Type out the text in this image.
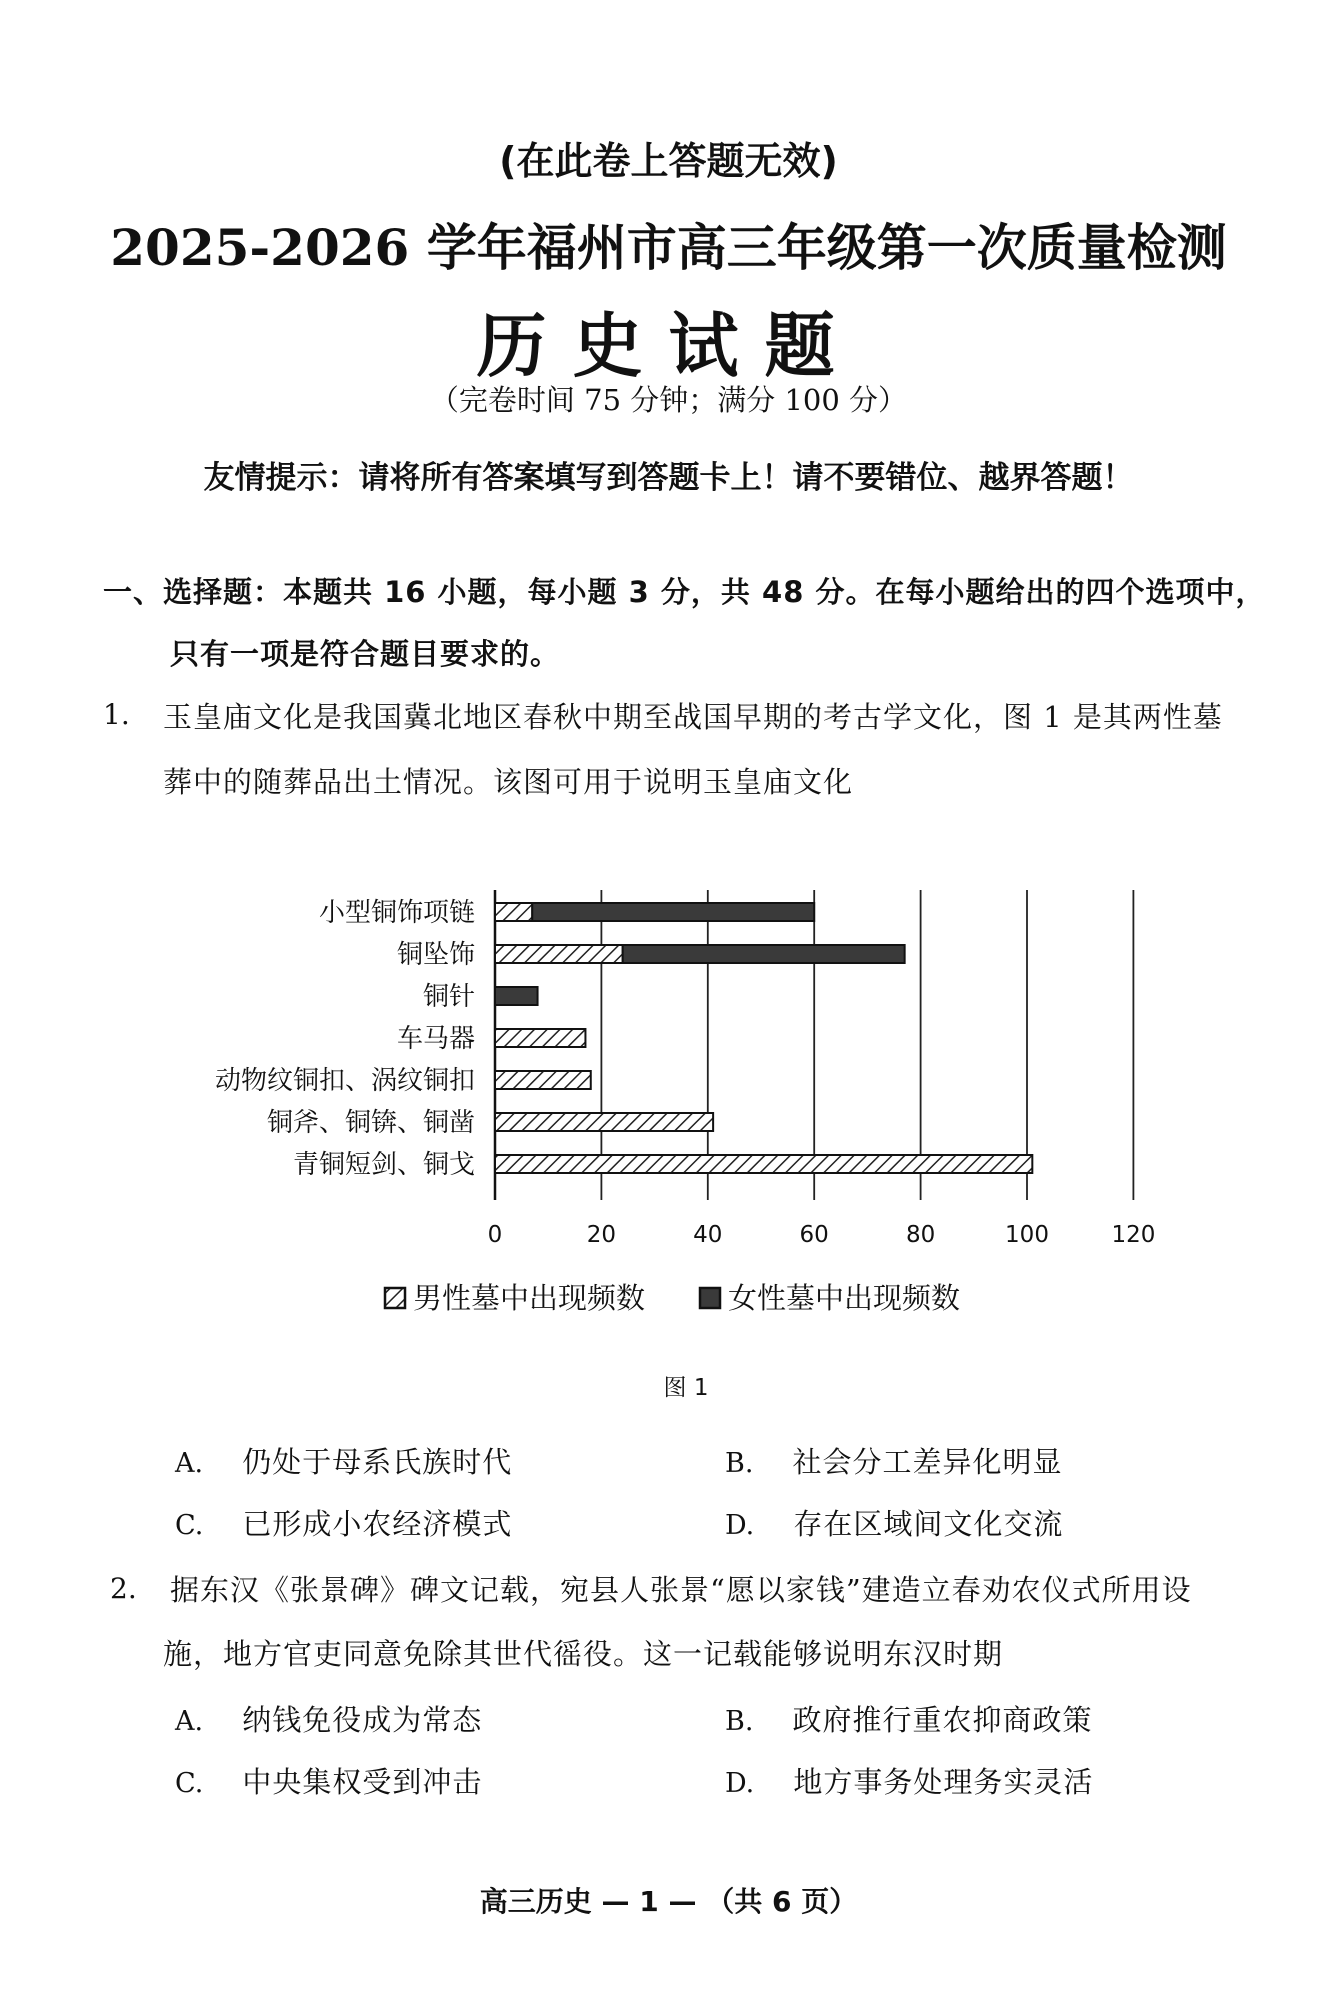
(在此卷上答题无效)
2025-2026 学年福州市高三年级第一次质量检测
历史试题
（完卷时间 75 分钟；满分 100 分）
友情提示：请将所有答案填写到答题卡上！请不要错位、越界答题！
一、选择题：本题共 16 小题，每小题 3 分，共 48 分。在每小题给出的四个选项中，
只有一项是符合题目要求的。
1. 玉皇庙文化是我国冀北地区春秋中期至战国早期的考古学文化，图 1 是其两性墓
葬中的随葬品出土情况。该图可用于说明玉皇庙文化
小型铜饰项链
铜坠饰
铜针
车马器
动物纹铜扣、涡纹铜扣
铜斧、铜锛、铜凿
青铜短剑、铜戈
0	20	40	60	80	100	120
男性墓中出现频数	女性墓中出现频数
图 1
A. 仍处于母系氏族时代	B. 社会分工差异化明显
C. 已形成小农经济模式	D. 存在区域间文化交流
2. 据东汉《张景碑》碑文记载，宛县人张景“愿以家钱”建造立春劝农仪式所用设
施，地方官吏同意免除其世代徭役。这一记载能够说明东汉时期
A. 纳钱免役成为常态	B. 政府推行重农抑商政策
C. 中央集权受到冲击	D. 地方事务处理务实灵活
高三历史 — 1 — （共 6 页）
